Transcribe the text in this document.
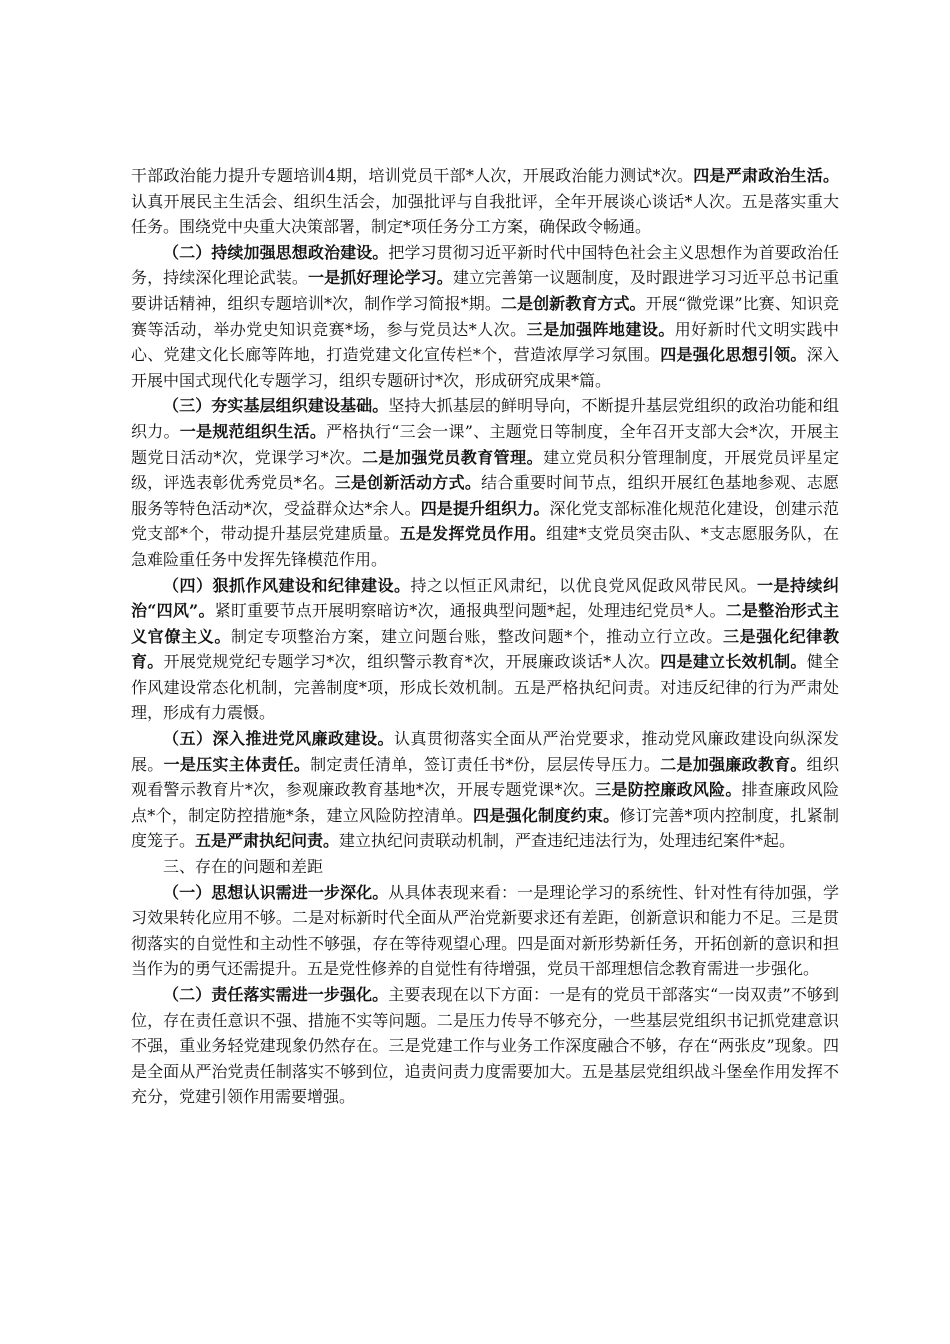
干部政治能力提升专题培训4期，培训党员干部*人次，开展政治能力测试*次。四是严肃政治生活。认真开展民主生活会、组织生活会，加强批评与自我批评，全年开展谈心谈话*人次。五是落实重大任务。围绕党中央重大决策部署，制定*项任务分工方案，确保政令畅通。

（二）持续加强思想政治建设。把学习贯彻习近平新时代中国特色社会主义思想作为首要政治任务，持续深化理论武装。一是抓好理论学习。建立完善第一议题制度，及时跟进学习习近平总书记重要讲话精神，组织专题培训*次，制作学习简报*期。二是创新教育方式。开展“微党课”比赛、知识竞赛等活动，举办党史知识竞赛*场，参与党员达*人次。三是加强阵地建设。用好新时代文明实践中心、党建文化长廊等阵地，打造党建文化宣传栏*个，营造浓厚学习氛围。四是强化思想引领。深入开展中国式现代化专题学习，组织专题研讨*次，形成研究成果*篇。

（三）夯实基层组织建设基础。坚持大抓基层的鲜明导向，不断提升基层党组织的政治功能和组织力。一是规范组织生活。严格执行“三会一课”、主题党日等制度，全年召开支部大会*次，开展主题党日活动*次，党课学习*次。二是加强党员教育管理。建立党员积分管理制度，开展党员评星定级，评选表彰优秀党员*名。三是创新活动方式。结合重要时间节点，组织开展红色基地参观、志愿服务等特色活动*次，受益群众达*余人。四是提升组织力。深化党支部标准化规范化建设，创建示范党支部*个，带动提升基层党建质量。五是发挥党员作用。组建*支党员突击队、*支志愿服务队，在急难险重任务中发挥先锋模范作用。

（四）狠抓作风建设和纪律建设。持之以恒正风肃纪，以优良党风促政风带民风。一是持续纠治“四风”。紧盯重要节点开展明察暗访*次，通报典型问题*起，处理违纪党员*人。二是整治形式主义官僚主义。制定专项整治方案，建立问题台账，整改问题*个，推动立行立改。三是强化纪律教育。开展党规党纪专题学习*次，组织警示教育*次，开展廉政谈话*人次。四是建立长效机制。健全作风建设常态化机制，完善制度*项，形成长效机制。五是严格执纪问责。对违反纪律的行为严肃处理，形成有力震慑。

（五）深入推进党风廉政建设。认真贯彻落实全面从严治党要求，推动党风廉政建设向纵深发展。一是压实主体责任。制定责任清单，签订责任书*份，层层传导压力。二是加强廉政教育。组织观看警示教育片*次，参观廉政教育基地*次，开展专题党课*次。三是防控廉政风险。排查廉政风险点*个，制定防控措施*条，建立风险防控清单。四是强化制度约束。修订完善*项内控制度，扎紧制度笼子。五是严肃执纪问责。建立执纪问责联动机制，严查违纪违法行为，处理违纪案件*起。

三、存在的问题和差距

（一）思想认识需进一步深化。从具体表现来看：一是理论学习的系统性、针对性有待加强，学习效果转化应用不够。二是对标新时代全面从严治党新要求还有差距，创新意识和能力不足。三是贯彻落实的自觉性和主动性不够强，存在等待观望心理。四是面对新形势新任务，开拓创新的意识和担当作为的勇气还需提升。五是党性修养的自觉性有待增强，党员干部理想信念教育需进一步强化。

（二）责任落实需进一步强化。主要表现在以下方面：一是有的党员干部落实“一岗双责”不够到位，存在责任意识不强、措施不实等问题。二是压力传导不够充分，一些基层党组织书记抓党建意识不强，重业务轻党建现象仍然存在。三是党建工作与业务工作深度融合不够，存在“两张皮”现象。四是全面从严治党责任制落实不够到位，追责问责力度需要加大。五是基层党组织战斗堡垒作用发挥不充分，党建引领作用需要增强。
